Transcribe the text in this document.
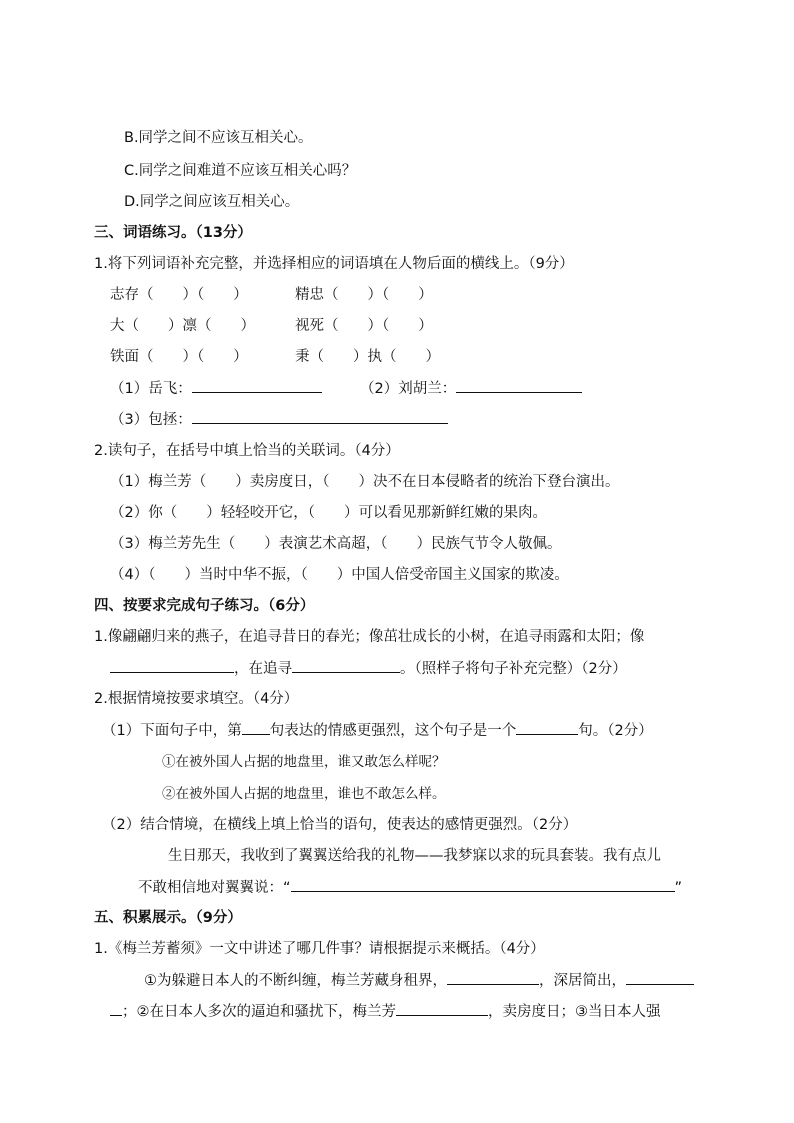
B.同学之间不应该互相关心。
C.同学之间难道不应该互相关心吗？
D.同学之间应该互相关心。
三、词语练习。（13分）
1.将下列词语补充完整，并选择相应的词语填在人物后面的横线上。（9分）
志存（　　）（　　）	精忠（　　）（　　）
大（　　）凛（　　）	视死（　　）（　　）
铁面（　　）（　　）	秉（　　）执（　　）
（1）岳飞：	（2）刘胡兰：
（3）包拯：
2.读句子，在括号中填上恰当的关联词。（4分）
（1）梅兰芳（　　）卖房度日，（　　）决不在日本侵略者的统治下登台演出。
（2）你（　　）轻轻咬开它，（　　）可以看见那新鲜红嫩的果肉。
（3）梅兰芳先生（　　）表演艺术高超，（　　）民族气节令人敬佩。
（4）（　　）当时中华不振，（　　）中国人倍受帝国主义国家的欺凌。
四、按要求完成句子练习。（6分）
1.像翩翩归来的燕子，在追寻昔日的春光；像茁壮成长的小树，在追寻雨露和太阳；像
，在追寻	。（照样子将句子补充完整）（2分）
2.根据情境按要求填空。（4分）
（1）下面句子中，第 句表达的情感更强烈，这个句子是一个	句。（2分）
①在被外国人占据的地盘里，谁又敢怎么样呢？
②在被外国人占据的地盘里，谁也不敢怎么样。
（2）结合情境，在横线上填上恰当的语句，使表达的感情更强烈。（2分）
生日那天，我收到了翼翼送给我的礼物——我梦寐以求的玩具套装。我有点儿
不敢相信地对翼翼说：“	”
五、积累展示。（9分）
1.《梅兰芳蓄须》一文中讲述了哪几件事？请根据提示来概括。（4分）
①为躲避日本人的不断纠缠，梅兰芳藏身租界，	，深居简出，
；②在日本人多次的逼迫和骚扰下，梅兰芳	，卖房度日；③当日本人强
